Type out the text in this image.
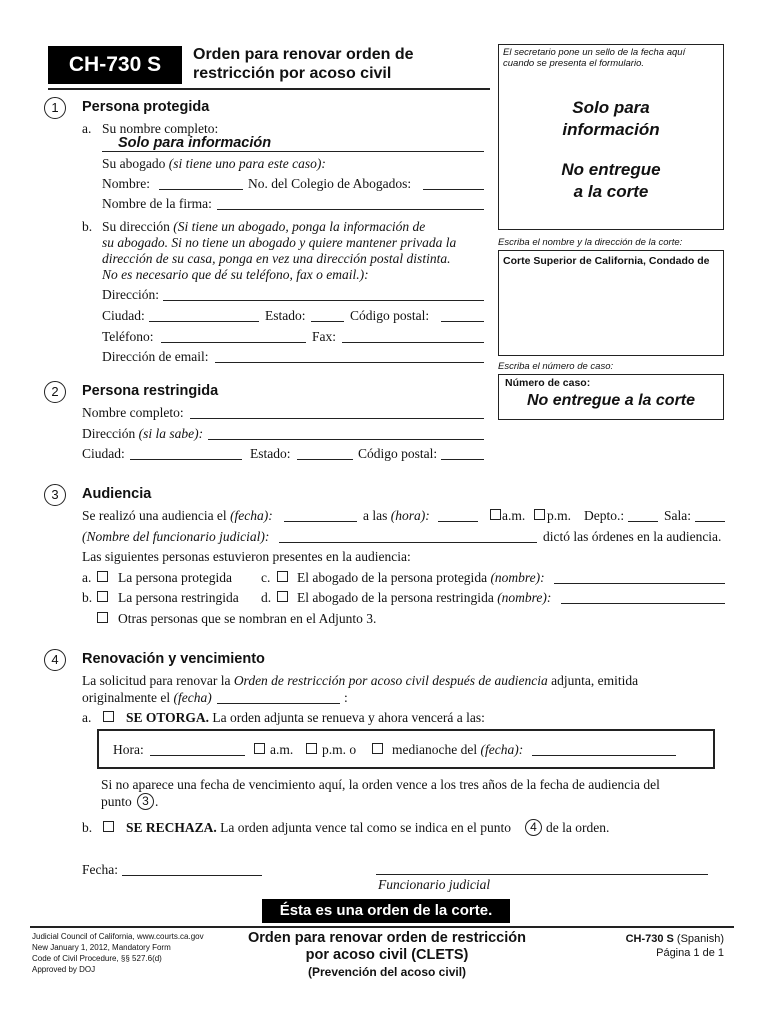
CH-730 S	Orden para renovar orden de
restricción por acoso civil
El secretario pone un sello de la fecha aquí
cuando se presenta el formulario.
Solo para
información
No entregue
a la corte
Escriba el nombre y la dirección de la corte:
Corte Superior de California, Condado de
Escriba el número de caso:
Número de caso:
No entregue a la corte
1	Persona protegida
a. Su nombre completo:
Solo para información
Su abogado (si tiene uno para este caso):
Nombre:	No. del Colegio de Abogados:
Nombre de la firma:
b. Su dirección (Si tiene un abogado, ponga la información de
su abogado. Si no tiene un abogado y quiere mantener privada la
dirección de su casa, ponga en vez una dirección postal distinta.
No es necesario que dé su teléfono, fax o email.):
Dirección:
Ciudad:	Estado:	Código postal:
Teléfono:	Fax:
Dirección de email:
2	Persona restringida
Nombre completo:
Dirección (si la sabe):
Ciudad:	Estado:	Código postal:
3	Audiencia
Se realizó una audiencia el (fecha):	a las (hora):	a.m. p.m. Depto.:	Sala:
(Nombre del funcionario judicial):	dictó las órdenes en la audiencia.
Las siguientes personas estuvieron presentes en la audiencia:
a. La persona protegida c. El abogado de la persona protegida (nombre):
b. La persona restringida d. El abogado de la persona restringida (nombre):
Otras personas que se nombran en el Adjunto 3.
4	Renovación y vencimiento
La solicitud para renovar la Orden de restricción por acoso civil después de audiencia adjunta, emitida
originalmente el (fecha)	:
a.	SE OTORGA. La orden adjunta se renueva y ahora vencerá a las:
Hora:	a.m. p.m. o	medianoche del (fecha):
Si no aparece una fecha de vencimiento aquí, la orden vence a los tres años de la fecha de audiencia del
punto 3 .
b.	SE RECHAZA. La orden adjunta vence tal como se indica en el punto	4 de la orden.
Fecha:
Funcionario judicial
Ésta es una orden de la corte.
Judicial Council of California, www.courts.ca.gov
New January 1, 2012, Mandatory Form
Code of Civil Procedure, §§ 527.6(d)
Approved by DOJ
Orden para renovar orden de restricción
por acoso civil (CLETS)
(Prevención del acoso civil)
CH-730 S (Spanish)
Página 1 de 1
